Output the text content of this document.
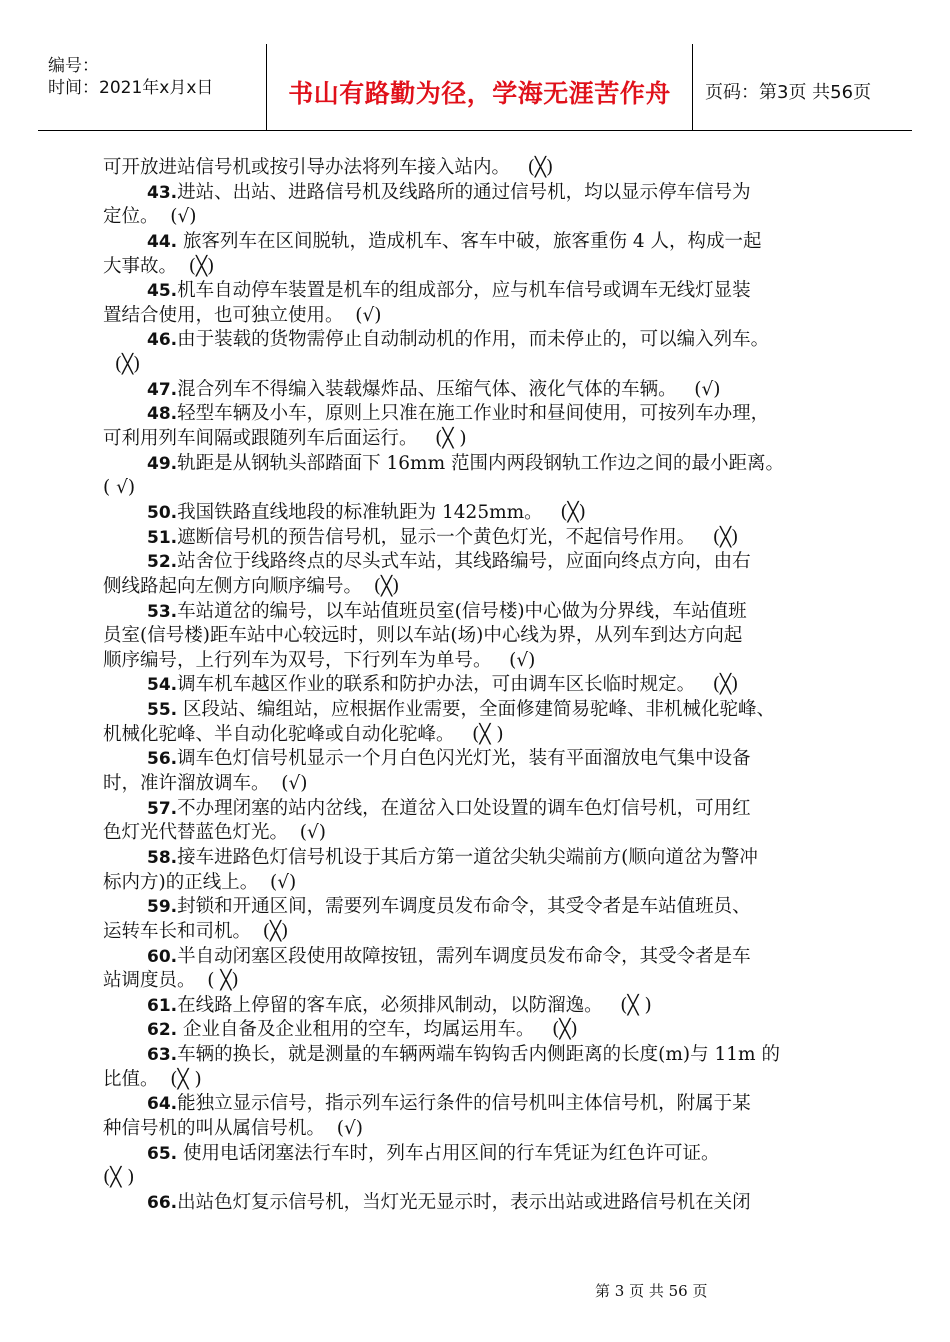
编号：
时间：2021年x月x日	书山有路勤为径，学海无涯苦作舟	页码：第3页 共56页
可开放进站信号机或按引导办法将列车接入站内。   (╳)
43.进站、出站、进路信号机及线路所的通过信号机，均以显示停车信号为
定位。  (√)
44. 旅客列车在区间脱轨，造成机车、客车中破，旅客重伤 4 人，构成一起
大事故。  (╳)
45.机车自动停车装置是机车的组成部分，应与机车信号或调车无线灯显装
置结合使用，也可独立使用。  (√)
46.由于装载的货物需停止自动制动机的作用，而未停止的，可以编入列车。
(╳)
47.混合列车不得编入装载爆炸品、压缩气体、液化气体的车辆。   (√)
48.轻型车辆及小车，原则上只准在施工作业时和昼间使用，可按列车办理，
可利用列车间隔或跟随列车后面运行。   (╳ )
49.轨距是从钢轨头部踏面下 16mm 范围内两段钢轨工作边之间的最小距离。
( √)
50.我国铁路直线地段的标准轨距为 1425mm。   (╳)
51.遮断信号机的预告信号机，显示一个黄色灯光，不起信号作用。   (╳)
52.站舍位于线路终点的尽头式车站，其线路编号，应面向终点方向，由右
侧线路起向左侧方向顺序编号。  (╳)
53.车站道岔的编号，以车站值班员室(信号楼)中心做为分界线，车站值班
员室(信号楼)距车站中心较远时，则以车站(场)中心线为界，从列车到达方向起
顺序编号，上行列车为双号，下行列车为单号。   (√)
54.调车机车越区作业的联系和防护办法，可由调车区长临时规定。   (╳)
55. 区段站、编组站，应根据作业需要，全面修建简易驼峰、非机械化驼峰、
机械化驼峰、半自动化驼峰或自动化驼峰。   (╳ )
56.调车色灯信号机显示一个月白色闪光灯光，装有平面溜放电气集中设备
时，准许溜放调车。  (√)
57.不办理闭塞的站内岔线，在道岔入口处设置的调车色灯信号机，可用红
色灯光代替蓝色灯光。  (√)
58.接车进路色灯信号机设于其后方第一道岔尖轨尖端前方(顺向道岔为警冲
标内方)的正线上。  (√)
59.封锁和开通区间，需要列车调度员发布命令，其受令者是车站值班员、
运转车长和司机。  (╳)
60.半自动闭塞区段使用故障按钮，需列车调度员发布命令，其受令者是车
站调度员。  ( ╳)
61.在线路上停留的客车底，必须排风制动，以防溜逸。   (╳ )
62. 企业自备及企业租用的空车，均属运用车。   (╳)
63.车辆的换长，就是测量的车辆两端车钩钩舌内侧距离的长度(m)与 11m 的
比值。  (╳ )
64.能独立显示信号，指示列车运行条件的信号机叫主体信号机，附属于某
种信号机的叫从属信号机。  (√)
65. 使用电话闭塞法行车时，列车占用区间的行车凭证为红色许可证。
(╳ )
66.出站色灯复示信号机，当灯光无显示时，表示出站或进路信号机在关闭
第 3 页 共 56 页
